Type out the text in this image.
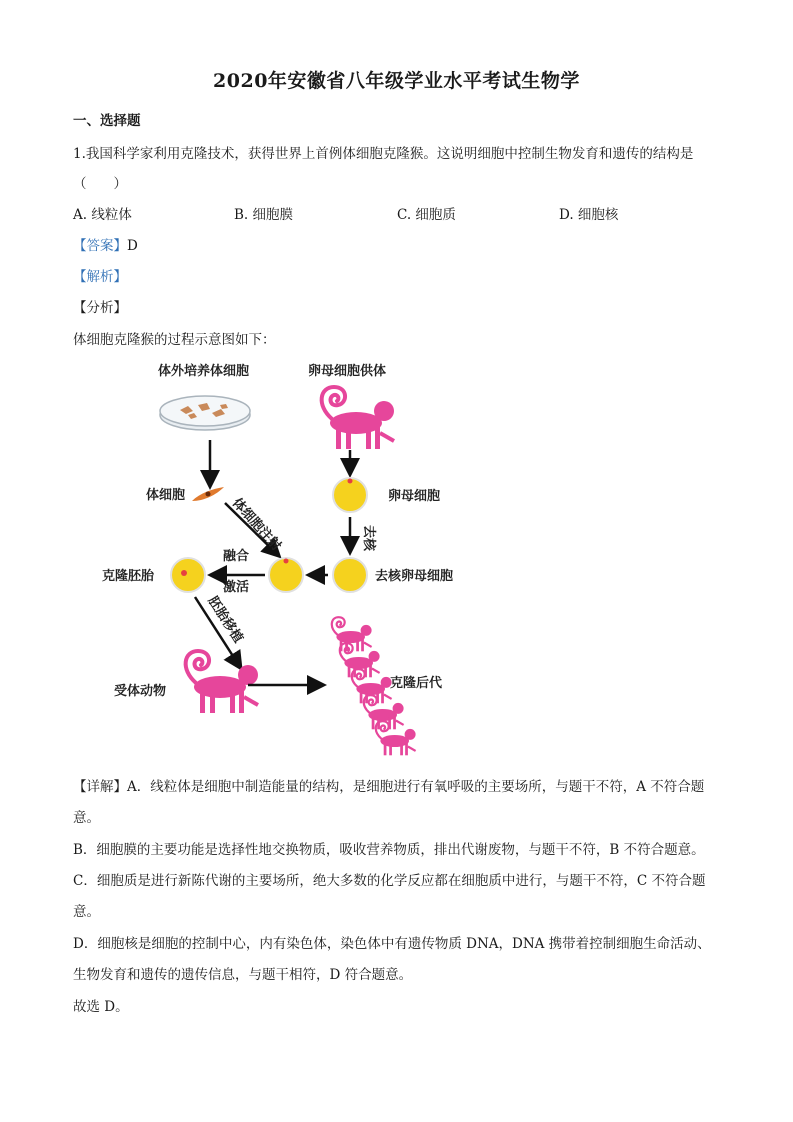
2020年安徽省八年级学业水平考试生物学
一、选择题
1.我国科学家利用克隆技术，获得世界上首例体细胞克隆猴。这说明细胞中控制生物发育和遗传的结构是
（　　）
A. 线粒体	B. 细胞膜	C. 细胞质	D. 细胞核
【答案】D
【解析】
【分析】
体细胞克隆猴的过程示意图如下：
体外培养体细胞	卵母细胞供体
体细胞	卵母细胞
去核
去核卵母细胞
体细胞注射
融合
激活
克隆胚胎
胚胎移植
受体动物
克隆后代
【详解】A．线粒体是细胞中制造能量的结构，是细胞进行有氧呼吸的主要场所，与题干不符，A 不符合题
意。
B．细胞膜的主要功能是选择性地交换物质，吸收营养物质，排出代谢废物，与题干不符，B 不符合题意。
C．细胞质是进行新陈代谢的主要场所，绝大多数的化学反应都在细胞质中进行，与题干不符，C 不符合题
意。
D．细胞核是细胞的控制中心，内有染色体，染色体中有遗传物质 DNA，DNA 携带着控制细胞生命活动、
生物发育和遗传的遗传信息，与题干相符，D 符合题意。
故选 D。
